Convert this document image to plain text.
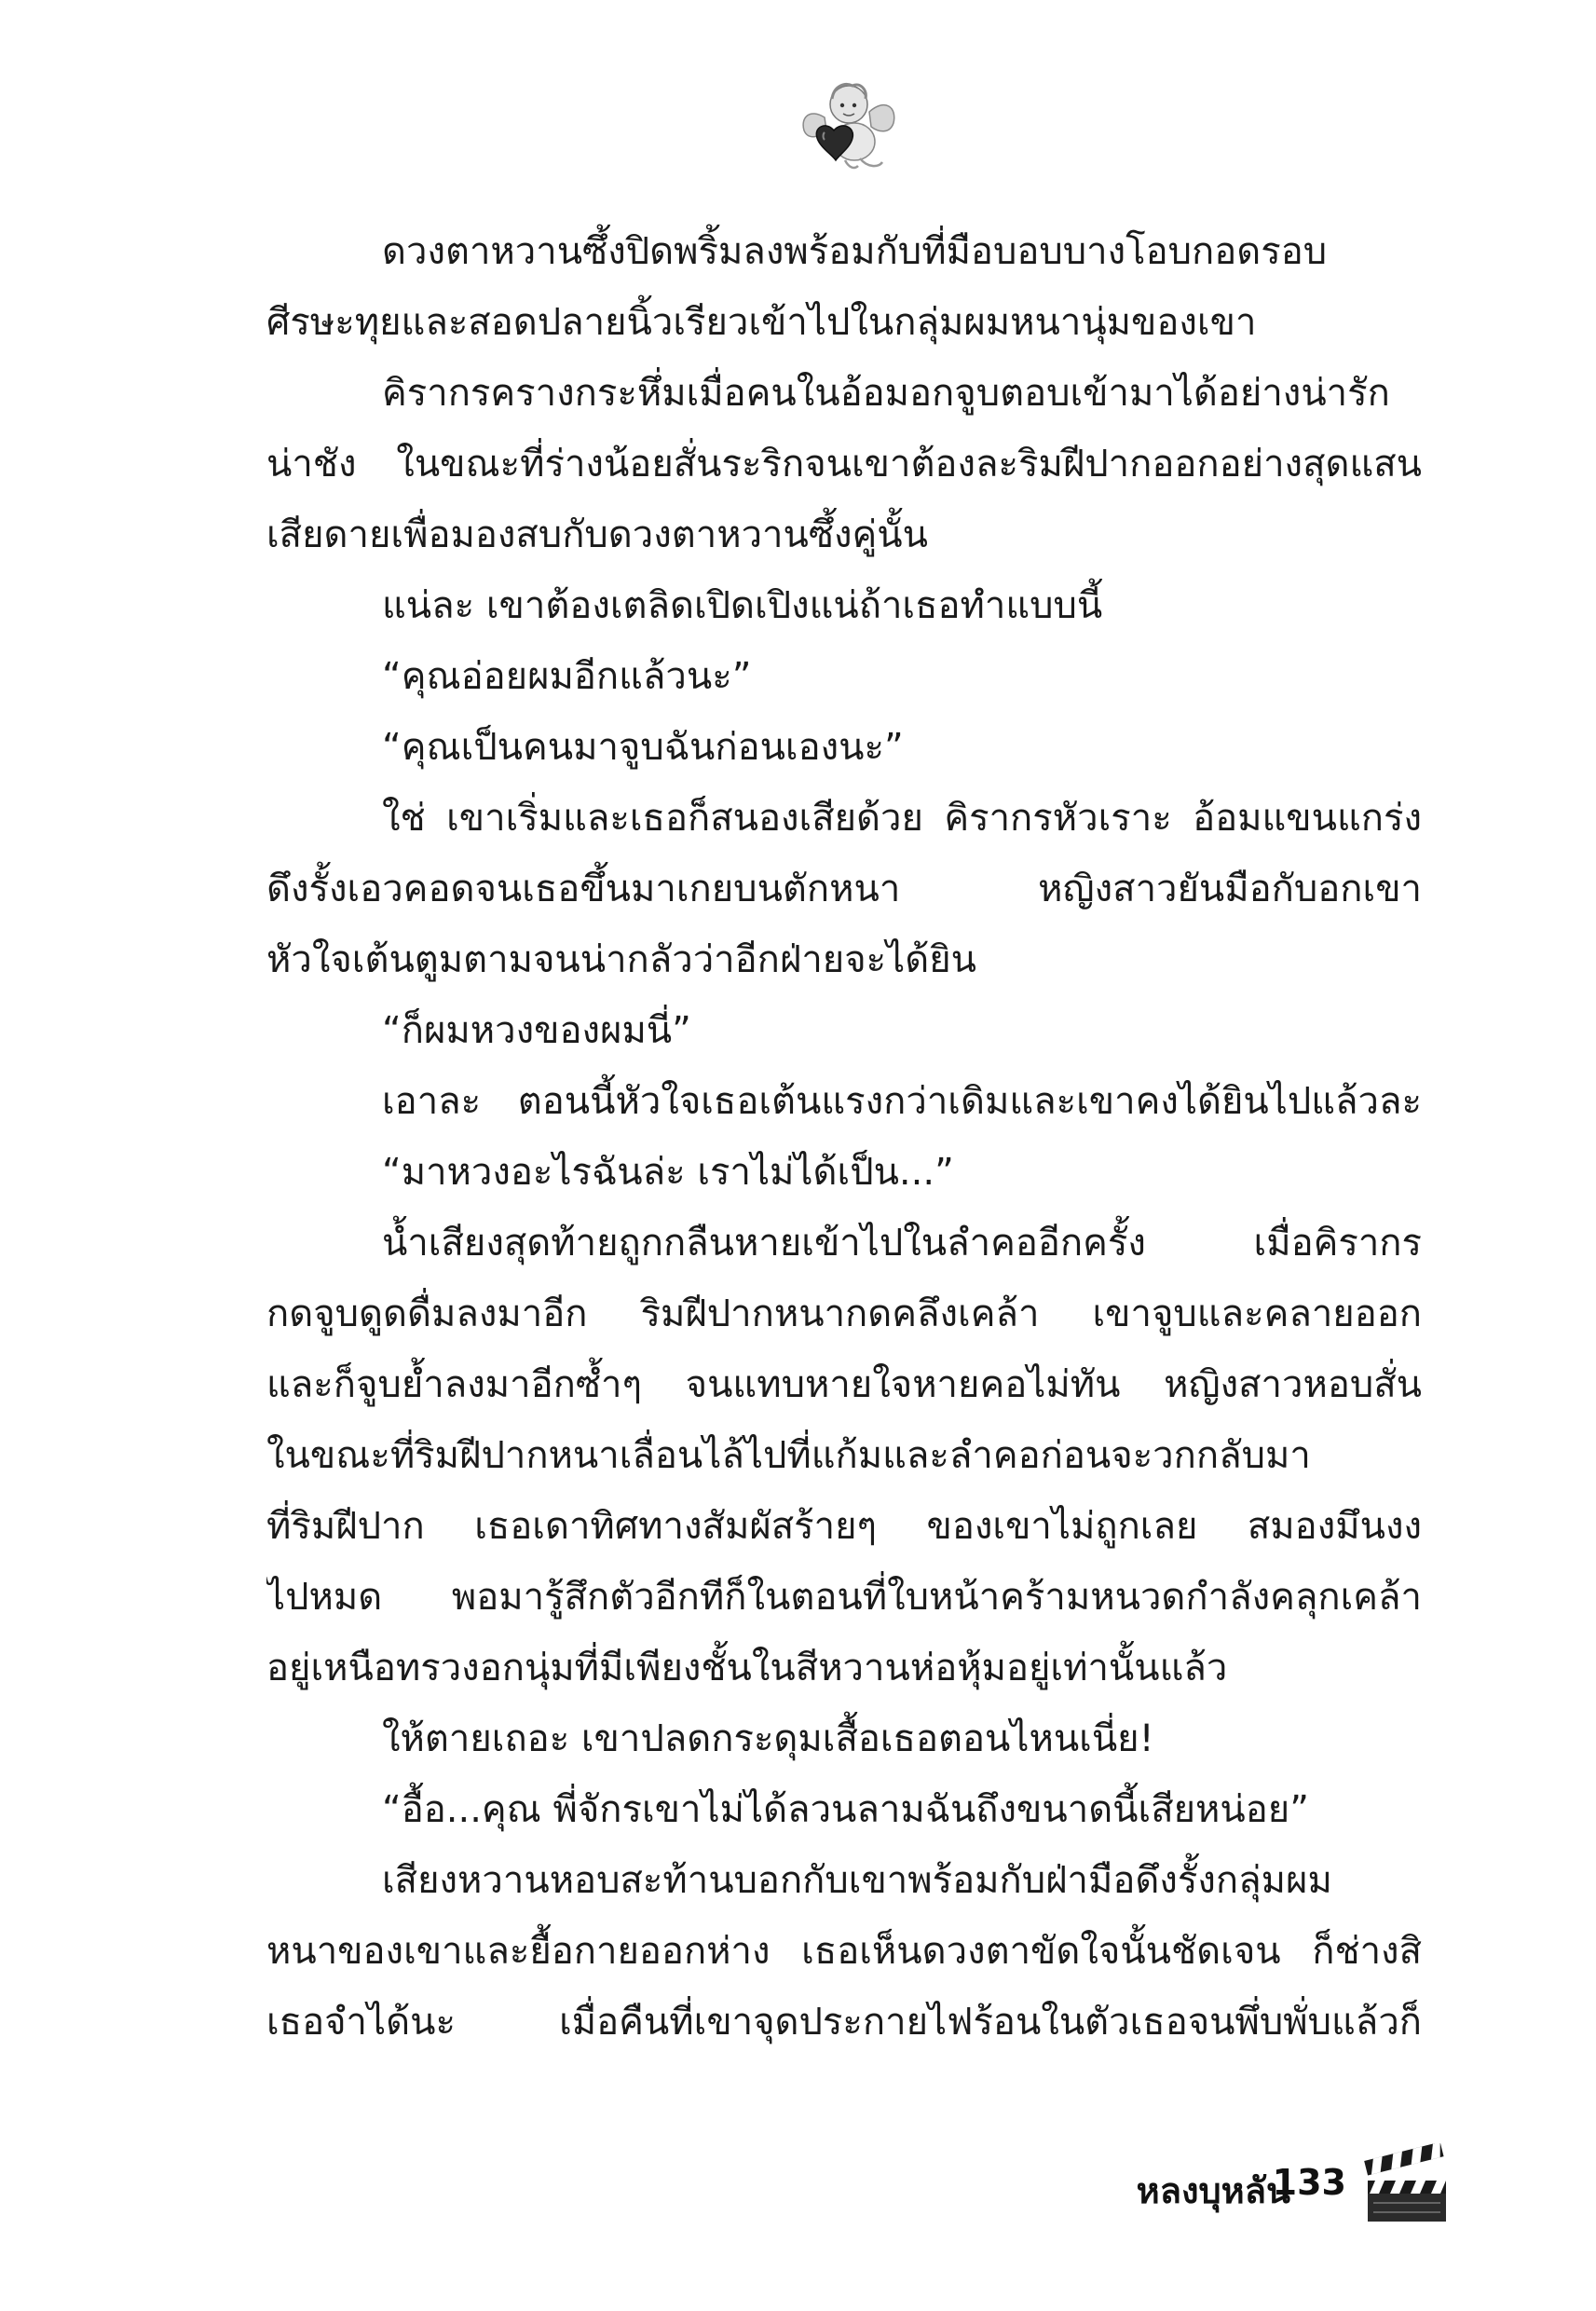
ดวงตาหวานซึ้งปิดพริ้มลงพร้อมกับที่มือบอบบางโอบกอดรอบ
ศีรษะทุยและสอดปลายนิ้วเรียวเข้าไปในกลุ่มผมหนานุ่มของเขา
คิรากรครางกระหึ่มเมื่อคนในอ้อมอกจูบตอบเข้ามาได้อย่างน่ารัก
น่าชัง ในขณะที่ร่างน้อยสั่นระริกจนเขาต้องละริมฝีปากออกอย่างสุดแสน
เสียดายเพื่อมองสบกับดวงตาหวานซึ้งคู่นั้น
แน่ละ เขาต้องเตลิดเปิดเปิงแน่ถ้าเธอทำแบบนี้
“คุณอ่อยผมอีกแล้วนะ”
“คุณเป็นคนมาจูบฉันก่อนเองนะ”
ใช่ เขาเริ่มและเธอก็สนองเสียด้วย คิรากรหัวเราะ อ้อมแขนแกร่ง
ดึงรั้งเอวคอดจนเธอขึ้นมาเกยบนตักหนา หญิงสาวยันมือกับอกเขา
หัวใจเต้นตูมตามจนน่ากลัวว่าอีกฝ่ายจะได้ยิน
“ก็ผมหวงของผมนี่”
เอาละ ตอนนี้หัวใจเธอเต้นแรงกว่าเดิมและเขาคงได้ยินไปแล้วละ
“มาหวงอะไรฉันล่ะ เราไม่ได้เป็น...”
น้ำเสียงสุดท้ายถูกกลืนหายเข้าไปในลำคออีกครั้ง เมื่อคิรากร
กดจูบดูดดื่มลงมาอีก ริมฝีปากหนากดคลึงเคล้า เขาจูบและคลายออก
และก็จูบย้ำลงมาอีกซ้ำๆ จนแทบหายใจหายคอไม่ทัน หญิงสาวหอบสั่น
ในขณะที่ริมฝีปากหนาเลื่อนไล้ไปที่แก้มและลำคอก่อนจะวกกลับมา
ที่ริมฝีปาก เธอเดาทิศทางสัมผัสร้ายๆ ของเขาไม่ถูกเลย สมองมึนงง
ไปหมด พอมารู้สึกตัวอีกทีก็ในตอนที่ใบหน้าคร้ามหนวดกำลังคลุกเคล้า
อยู่เหนือทรวงอกนุ่มที่มีเพียงชั้นในสีหวานห่อหุ้มอยู่เท่านั้นแล้ว
ให้ตายเถอะ เขาปลดกระดุมเสื้อเธอตอนไหนเนี่ย!
“อื้อ...คุณ พี่จักรเขาไม่ได้ลวนลามฉันถึงขนาดนี้เสียหน่อย”
เสียงหวานหอบสะท้านบอกกับเขาพร้อมกับฝ่ามือดึงรั้งกลุ่มผม
หนาของเขาและยื้อกายออกห่าง เธอเห็นดวงตาขัดใจนั้นชัดเจน ก็ช่างสิ
เธอจำได้นะ เมื่อคืนที่เขาจุดประกายไฟร้อนในตัวเธอจนพึ่บพั่บแล้วก็
หลงบุหลัน
133
